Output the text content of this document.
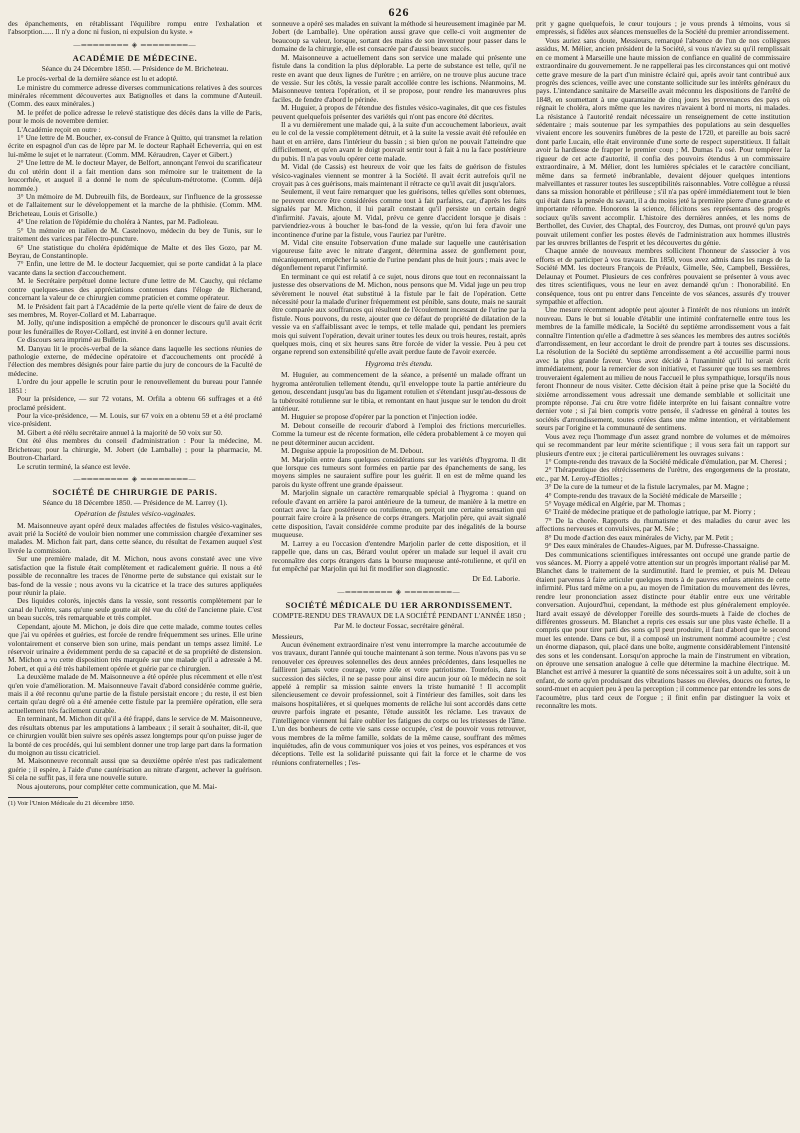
626

des épanchements, en rétablissant l'équilibre rompu entre l'exhalation et l'absorption...... Il n'y a donc ni fusion, ni expulsion du kyste. »

—════════ ◈ ════════—
ACADÉMIE DE MÉDECINE.
Séance du 24 Décembre 1850. — Présidence de M. Bricheteau.

Le procès-verbal de la dernière séance est lu et adopté.

Le ministre du commerce adresse diverses communications relatives à des sources minérales récemment découvertes aux Batignolles et dans la commune d'Auteuil. (Comm. des eaux minérales.)

M. le préfet de police adresse le relevé statistique des décès dans la ville de Paris, pour le mois de novembre dernier.

L'Académie reçoit en outre :

1° Une lettre de M. Boucher, ex-consul de France à Quitto, qui transmet la relation écrite en espagnol d'un cas de lèpre par M. le docteur Raphaël Echeverria, qui en est lui-même le sujet et le narrateur. (Comm. MM. Kéraudren, Cayer et Gibert.)

2° Une lettre de M. le docteur Mayer, de Belfort, annonçant l'envoi du scarificateur du col utérin dont il a fait mention dans son mémoire sur le traitement de la leucorrhée, et auquel il a donné le nom de spéculum-métrotome. (Comm. déjà nommée.)

3° Un mémoire de M. Dubreuilh fils, de Bordeaux, sur l'influence de la grossesse et de l'allaitement sur le développement et la marche de la phthisie. (Comm. MM. Bricheteau, Louis et Grisolle.)

4° Une relation de l'épidémie du choléra à Nantes, par M. Padioleau.

5° Un mémoire en italien de M. Castelnovo, médecin du bey de Tunis, sur le traitement des varices par l'électro-puncture.

6° Une statistique du choléra épidémique de Malte et des îles Gozo, par M. Beyrau, de Constantinople.

7° Enfin, une lettre de M. le docteur Jacquemier, qui se porte candidat à la place vacante dans la section d'accouchement.

M. le Secrétaire perpétuel donne lecture d'une lettre de M. Cauchy, qui réclame contre quelques-unes des appréciations contenues dans l'éloge de Richerand, concernant la valeur de ce chirurgien comme praticien et comme opérateur.

M. le Président fait part à l'Académie de la perte qu'elle vient de faire de deux de ses membres, M. Royer-Collard et M. Labarraque.

M. Jolly, qu'une indisposition a empêché de prononcer le discours qu'il avait écrit pour les funérailles de Royer-Collard, est invité à en donner lecture.

Ce discours sera imprimé au Bulletin.

M. Danyau lit le procès-verbal de la séance dans laquelle les sections réunies de pathologie externe, de médecine opératoire et d'accouchements ont procédé à l'élection des membres désignés pour faire partie du jury de concours de la Faculté de médecine.

L'ordre du jour appelle le scrutin pour le renouvellement du bureau pour l'année 1851 :

Pour la présidence, — sur 72 votans, M. Orfila a obtenu 66 suffrages et a été proclamé président.

Pour la vice-présidence, — M. Louis, sur 67 voix en a obtenu 59 et a été proclamé vice-président.

M. Gibert a été réélu secrétaire annuel à la majorité de 50 voix sur 50.

Ont été élus membres du conseil d'administration : Pour la médecine, M. Bricheteau; pour la chirurgie, M. Jobert (de Lamballe) ; pour la pharmacie, M. Boutron-Charlard.

Le scrutin terminé, la séance est levée.

—════════ ◈ ════════—
SOCIÉTÉ DE CHIRURGIE DE PARIS.
Séance du 18 Décembre 1850. — Présidence de M. Larrey (1).
Opération de fistules vésico-vaginales.

M. Maisonneuve ayant opéré deux malades affectées de fistules vésico-vaginales, avait prié la Société de vouloir bien nommer une commission chargée d'examiner ses malades. M. Michon fait part, dans cette séance, du résultat de l'examen auquel s'est livrée la commission.

Sur une première malade, dit M. Michon, nous avons constaté avec une vive satisfaction que la fistule était complètement et radicalement guérie. Il nous a été possible de reconnaître les traces de l'énorme perte de substance qui existait sur le bas-fond de la vessie ; nous avons vu la cicatrice et la trace des sutures appliquées pour réunir la plaie.

Des liquides colorés, injectés dans la vessie, sont ressortis complètement par le canal de l'urètre, sans qu'une seule goutte ait été vue du côté de l'ancienne plaie. C'est un beau succès, très remarquable et très complet.

Cependant, ajoute M. Michon, je dois dire que cette malade, comme toutes celles que j'ai vu opérées et guéries, est forcée de rendre fréquemment ses urines. Elle urine volontairement et conserve bien son urine, mais pendant un temps assez limité. Le réservoir urinaire a évidemment perdu de sa capacité et de sa propriété de distension. M. Michon a vu cette disposition très marquée sur une malade qu'il a adressée à M. Jobert, et qui a été très habilement opérée et guérie par ce chirurgien.

La deuxième malade de M. Maisonneuve a été opérée plus récemment et elle n'est qu'en voie d'amélioration. M. Maisonneuve l'avait d'abord considérée comme guérie, mais il a été reconnu qu'une partie de la fistule persistait encore ; du reste, il est bien certain qu'au degré où a été amenée cette fistule par la première opération, elle sera actuellement très facilement curable.

En terminant, M. Michon dit qu'il a été frappé, dans le service de M. Maisonneuve, des résultats obtenus par les amputations à lambeaux ; il serait à souhaiter, dit-il, que ce chirurgien voulût bien suivre ses opérés assez longtemps pour qu'on puisse juger de la bonté de ces procédés, qui lui semblent donner une trop large part dans la formation du moignon au tissu cicatriciel.

M. Maisonneuve reconnaît aussi que sa deuxième opérée n'est pas radicalement guérie ; il espère, à l'aide d'une cautérisation au nitrate d'argent, achever la guérison. Si cela ne suffit pas, il fera une nouvelle suture.

Nous ajouterons, pour compléter cette communication, que M. Mai-

(1) Voir l'Union Médicale du 21 décembre 1850.

sonneuve a opéré ses malades en suivant la méthode si heureusement imaginée par M. Jobert (de Lamballe). Une opération aussi grave que celle-ci voit augmenter de beaucoup sa valeur, lorsque, sortant des mains de son inventeur pour passer dans le domaine de la chirurgie, elle est consacrée par d'aussi beaux succès.

M. Maisonneuve a actuellement dans son service une malade qui présente une fistule dans la condition la plus déplorable. La perte de substance est telle, qu'il ne reste en avant que deux lignes de l'urètre ; en arrière, on ne trouve plus aucune trace de vessie. Sur les côtés, la vessie paraît accollée contre les ischions. Néanmoins, M. Maisonneuve tentera l'opération, et il se propose, pour rendre les manœuvres plus faciles, de fendre d'abord le périnée.

M. Huguier, à propos de l'étendue des fistules vésico-vaginales, dit que ces fistules peuvent quelquefois présenter des variétés qui n'ont pas encore été décrites.

Il a vu dernièrement une malade qui, à la suite d'un accouchement laborieux, avait eu le col de la vessie complètement détruit, et à la suite la vessie avait été refoulée en haut et en arrière, dans l'intérieur du bassin ; si bien qu'on ne pouvait l'atteindre que difficilement, et qu'en avant le doigt pouvait sentir tout à fait à nu la face postérieure du pubis. Il n'a pas voulu opérer cette malade.

M. Vidal (de Cassis) est heureux de voir que les faits de guérison de fistules vésico-vaginales viennent se montrer à la Société. Il avait écrit autrefois qu'il ne croyait pas à ces guérisons, mais maintenant il rétracte ce qu'il avait dit jusqu'alors.

Seulement, il veut faire remarquer que les guérisons, telles qu'elles sont obtenues, ne peuvent encore être considérées comme tout à fait parfaites, car, d'après les faits signalés par M. Michon, il lui paraît constant qu'il persiste un certain degré d'infirmité. J'avais, ajoute M. Vidal, prévu ce genre d'accident lorsque je disais : parviendriez-vous à boucher le bas-fond de la vessie, qu'on lui fera d'avoir une incontinence d'urine par la fistule, vous l'auriez par l'urètre.

M. Vidal cite ensuite l'observation d'une malade sur laquelle une cautérisation vigoureuse faite avec le nitrate d'argent, détermina assez de gonflement pour, mécaniquement, empêcher la sortie de l'urine pendant plus de huit jours ; mais avec le dégonflement reparut l'infirmité.

En terminant ce qui est relatif à ce sujet, nous dirons que tout en reconnaissant la justesse des observations de M. Michon, nous pensons que M. Vidal juge un peu trop sévèrement le nouvel état substitué à la fistule par le fait de l'opération. Cette nécessité pour la malade d'uriner fréquemment est pénible, sans doute, mais ne saurait être comparée aux souffrances qui résultent de l'écoulement incessant de l'urine par la fistule. Nous pouvons, du reste, ajouter que ce défaut de propriété de dilatation de la vessie va en s'affaiblissant avec le temps, et telle malade qui, pendant les premiers mois qui suivent l'opération, devait uriner toutes les deux ou trois heures, restait, après quelques mois, cinq et six heures sans être forcée de vider la vessie. Peu à peu cet organe reprend son extensibilité qu'elle avait perdue faute de l'avoir exercée.

Hygroma très étendu.

M. Huguier, au commencement de la séance, a présenté un malade offrant un hygroma antérotulien tellement étendu, qu'il enveloppe toute la partie antérieure du genou, descendant jusqu'au bas du ligament rotulien et s'étendant jusqu'au-dessous de la tubérosité rotulienne sur le tibia, et remontant en haut jusque sur le tendon du droit antérieur.

M. Huguier se propose d'opérer par la ponction et l'injection iodée.

M. Debout conseille de recourir d'abord à l'emploi des frictions mercurielles. Comme la tumeur est de récente formation, elle cédera probablement à ce moyen qui ne peut déterminer aucun accident.

M. Deguise appuie la proposition de M. Debout.

M. Marjolin entre dans quelques considérations sur les variétés d'hygroma. Il dit que lorsque ces tumeurs sont formées en partie par des épanchements de sang, les moyens simples ne sauraient suffire pour les guérir. Il en est de même quand les parois du kyste offrent une grande épaisseur.

M. Marjolin signale un caractère remarquable spécial à l'hygroma : quand on refoule d'avant en arrière la paroi antérieure de la tumeur, de manière à la mettre en contact avec la face postérieure ou rotulienne, on perçoit une certaine sensation qui pourrait faire croire à la présence de corps étrangers. Marjolin père, qui avait signalé cette disposition, l'avait considérée comme produite par des inégalités de la bourse muqueuse.

M. Larrey a eu l'occasion d'entendre Marjolin parler de cette disposition, et il rappelle que, dans un cas, Bérard voulut opérer un malade sur lequel il avait cru reconnaître des corps étrangers dans la bourse muqueuse anté-rotulienne, et qu'il en fut empêché par Marjolin qui lui fit modifier son diagnostic.

Dr Ed. Laborie.
—════════ ◈ ════════—
SOCIÉTÉ MÉDICALE DU 1ER ARRONDISSEMENT.
COMPTE-RENDU DES TRAVAUX DE LA SOCIÉTÉ PENDANT L'ANNÉE 1850 ;
Par M. le docteur Fossac, secrétaire général.

Messieurs,

Aucun événement extraordinaire n'est venu interrompre la marche accoutumée de vos travaux, durant l'année qui touche maintenant à son terme. Nous n'avons pas vu se renouveler ces épreuves solennelles des deux années précédentes, dans lesquelles ne faillirent jamais votre courage, votre zèle et votre patriotisme. Toutefois, dans la succession des siècles, il ne se passe pour ainsi dire aucun jour où le médecin ne soit appelé à remplir sa mission sainte envers la triste humanité ! Il accomplit silencieusement ce devoir professionnel, soit à l'intérieur des familles, soit dans les maisons hospitalières, et si quelques moments de relâche lui sont accordés dans cette œuvre parfois ingrate et pesante, l'étude aussitôt les réclame. Les travaux de l'intelligence viennent lui faire oublier les fatigues du corps ou les tristesses de l'âme. L'un des bonheurs de cette vie sans cesse occupée, c'est de pouvoir vous retrouver, vous membres de la même famille, soldats de la même cause, souffrant des mêmes inquiétudes, afin de vous communiquer vos joies et vos peines, vos espérances et vos déceptions. Telle est la solidarité puissante qui fait la force et le charme de vos réunions confraternelles ; l'es-

prit y gagne quelquefois, le cœur toujours ; je vous prends à témoins, vous si empressés, si fidèles aux séances mensuelles de la Société du premier arrondissement.

Vous auriez sans doute, Messieurs, remarqué l'absence de l'un de nos collègues assidus, M. Mélier, ancien président de la Société, si vous n'aviez su qu'il remplissait en ce moment à Marseille une haute mission de confiance en qualité de commissaire extraordinaire du gouvernement. Je ne rappellerai pas les circonstances qui ont motivé cette grave mesure de la part d'un ministre éclairé qui, après avoir tant contribué aux progrès des sciences, veille avec une constante sollicitude sur les intérêts généraux du pays. L'intendance sanitaire de Marseille avait méconnu les dispositions de l'arrêté de 1848, en soumettant à une quarantaine de cinq jours les provenances des pays où régnait le choléra, alors même que les navires n'avaient à bord ni morts, ni malades. La résistance à l'autorité rendait nécessaire un renseignement de cette institution sédentaire ; mais soutenue par les sympathies des populations au sein desquelles vivaient encore les souvenirs funèbres de la peste de 1720, et pareille au bois sacré dont parle Lucain, elle était environnée d'une sorte de respect superstitieux. Il fallait avoir la hardiesse de frapper le premier coup ; M. Dumas l'a osé. Pour tempérer la rigueur de cet acte d'autorité, il confia des pouvoirs étendus à un commissaire extraordinaire, à M. Mélier, dont les lumières spéciales et le caractère conciliant, même dans sa fermeté inébranlable, devaient déjouer quelques intentions malveillantes et rassurer toutes les susceptibilités raisonnables. Votre collègue a réussi dans sa mission honorable et périlleuse ; s'il n'a pas opéré immédiatement tout le bien qui était dans la pensée du savant, il a du moins jeté la première pierre d'une grande et importante réforme. Honorons la science, félicitons ses représentans des progrès sociaux qu'ils savent accomplir. L'histoire des dernières années, et les noms de Berthollet, des Cuvier, des Chaptal, des Fourcroy, des Dumas, ont prouvé qu'un pays pouvait utilement confier les postes élevés de l'administration aux hommes illustrés par les œuvres brillantes de l'esprit et les découvertes du génie.

Chaque année de nouveaux membres sollicitent l'honneur de s'associer à vos efforts et de participer à vos travaux. En 1850, vous avez admis dans les rangs de la Société MM. les docteurs François de Préaulx, Gimelle, Sée, Campbell, Bessières, Delaunay et Poumet. Plusieurs de ces confrères pouvaient se présenter à vous avec des titres scientifiques, vous ne leur en avez demandé qu'un : l'honorabilité. En conséquence, tous ont pu entrer dans l'enceinte de vos séances, assurés d'y trouver sympathie et affection.

Une mesure récemment adoptée peut ajouter à l'intérêt de nos réunions un intérêt nouveau. Dans le but si louable d'établir une intimité confraternelle entre tous les membres de la famille médicale, la Société du septième arrondissement vous a fait connaître l'intention qu'elle a d'admettre à ses séances les membres des autres sociétés d'arrondissement, en leur accordant le droit de prendre part à toutes ses discussions. La résolution de la Société du septième arrondissement a été accueillie parmi nous avec la plus grande faveur. Vous avez décidé à l'unanimité qu'il lui serait écrit immédiatement, pour la remercier de son initiative, et l'assurer que tous ses membres trouveraient également au milieu de nous l'accueil le plus sympathique, lorsqu'ils nous feront l'honneur de nous visiter. Cette décision était à peine prise que la Société du sixième arrondissement vous adressait une demande semblable et sollicitait une prompte réponse. J'ai cru être votre fidèle interprète en lui faisant connaître votre dernier vote ; si j'ai bien compris votre pensée, il s'adresse en général à toutes les sociétés d'arrondissement, toutes créées dans une même intention, et véritablement sœurs par l'origine et la communauté de sentimens.

Vous avez reçu l'hommage d'un assez grand nombre de volumes et de mémoires qui se recommandent par leur mérite scientifique ; il vous sera fait un rapport sur plusieurs d'entre eux ; je citerai particulièrement les ouvrages suivans :

1° Compte-rendu des travaux de la Société médicale d'émulation, par M. Cheresi ;

2° Thérapeutique des rétrécissemens de l'urètre, des engorgemens de la prostate, etc., par M. Leroy-d'Etiolles ;

3° De la cure de la tumeur et de la fistule lacrymales, par M. Magne ;

4° Compte-rendu des travaux de la Société médicale de Marseille ;

5° Voyage médical en Algérie, par M. Thomas ;

6° Traité de médecine pratique et de pathologie iatrique, par M. Piorry ;

7° De la chorée. Rapports du rhumatisme et des maladies du cœur avec les affections nerveuses et convulsives, par M. Sée ;

8° Du mode d'action des eaux minérales de Vichy, par M. Petit ;

9° Des eaux minérales de Chaudes-Aigues, par M. Dufresse-Chassaigne.

Des communications scientifiques intéressantes ont occupé une grande partie de vos séances. M. Piorry a appelé votre attention sur un progrès important réalisé par M. Blanchet dans le traitement de la surdimutité. Itard le premier, et puis M. Deleau étaient parvenus à faire articuler quelques mots à de pauvres enfans atteints de cette infirmité. Plus tard même on a pu, au moyen de l'imitation du mouvement des lèvres, rendre leur prononciation assez distincte pour établir entre eux une véritable conversation. Aujourd'hui, cependant, la méthode est plus généralement employée. Itard avait essayé de développer l'oreille des sourds-muets à l'aide de cloches de différentes grosseurs. M. Blanchet a repris ces essais sur une plus vaste échelle. Il a compris que pour tirer parti des sons qu'il peut produire, il faut d'abord que le second muet les entende. Dans ce but, il a composé un instrument nommé acoumètre ; c'est un énorme diapason, qui, placé dans une boîte, augmente considérablement l'intensité des sons et les condensant. Lorsqu'on approche la main de l'instrument en vibration, on éprouve une sensation analogue à celle que détermine la machine électrique. M. Blanchet est arrivé à mesurer la quantité de sons nécessaires soit à un adulte, soit à un enfant, de sorte qu'en produisant des vibrations basses ou élevées, douces ou fortes, le sourd-muet en acquiert peu à peu la perception ; il commence par entendre les sons de l'acoumètre, plus tard ceux de l'orgue ; il finit enfin par distinguer la voix et reconnaître les mots.
